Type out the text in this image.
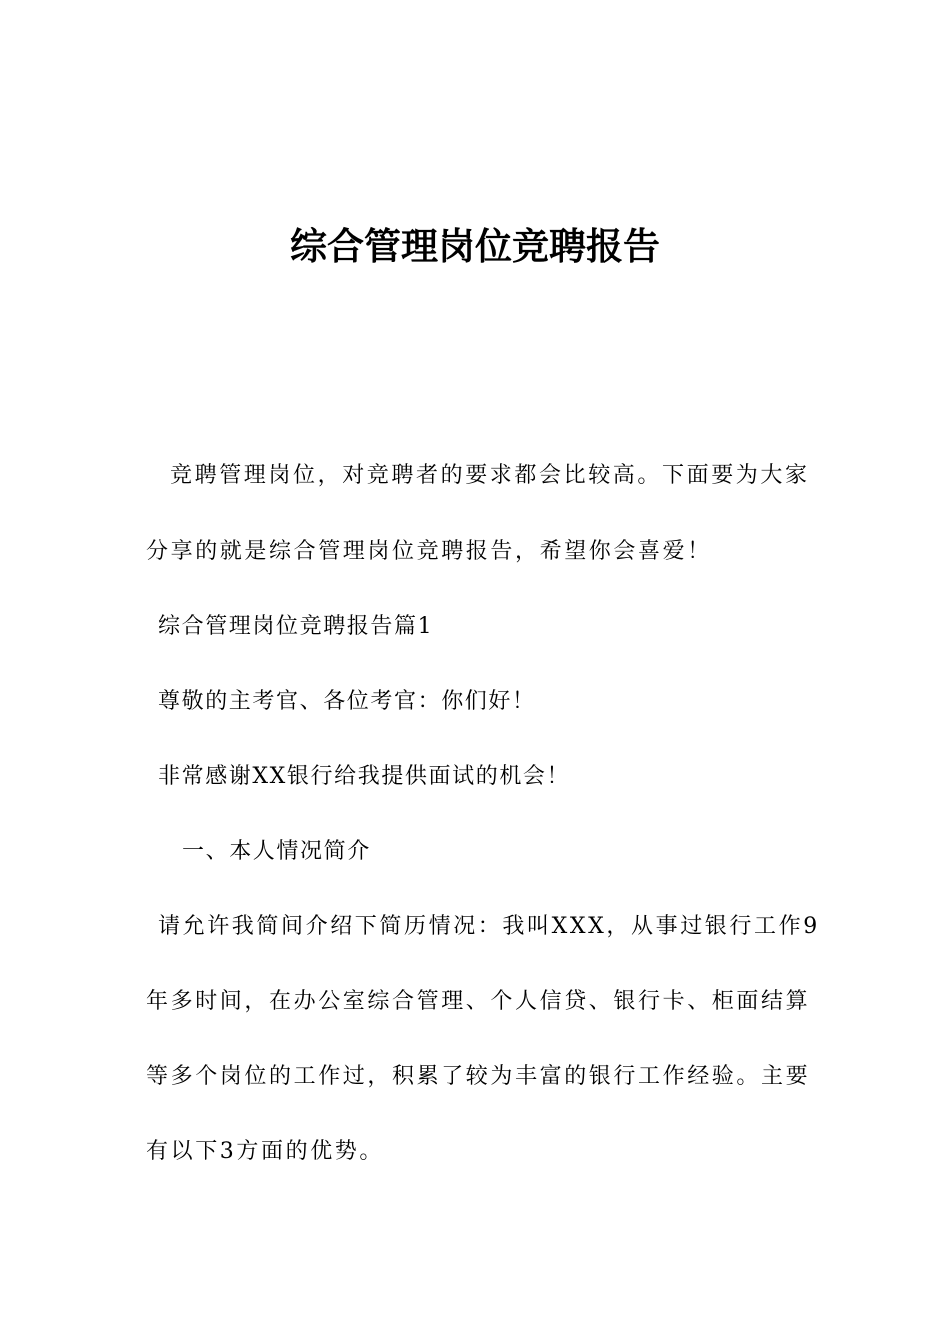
综合管理岗位竞聘报告

竞聘管理岗位，对竞聘者的要求都会比较高。下面要为大家

分享的就是综合管理岗位竞聘报告，希望你会喜爱！

综合管理岗位竞聘报告篇1

尊敬的主考官、各位考官：你们好！

非常感谢XX银行给我提供面试的机会！

一、本人情况简介

请允许我简间介绍下简历情况：我叫XXX，从事过银行工作9

年多时间，在办公室综合管理、个人信贷、银行卡、柜面结算

等多个岗位的工作过，积累了较为丰富的银行工作经验。主要

有以下3方面的优势。
